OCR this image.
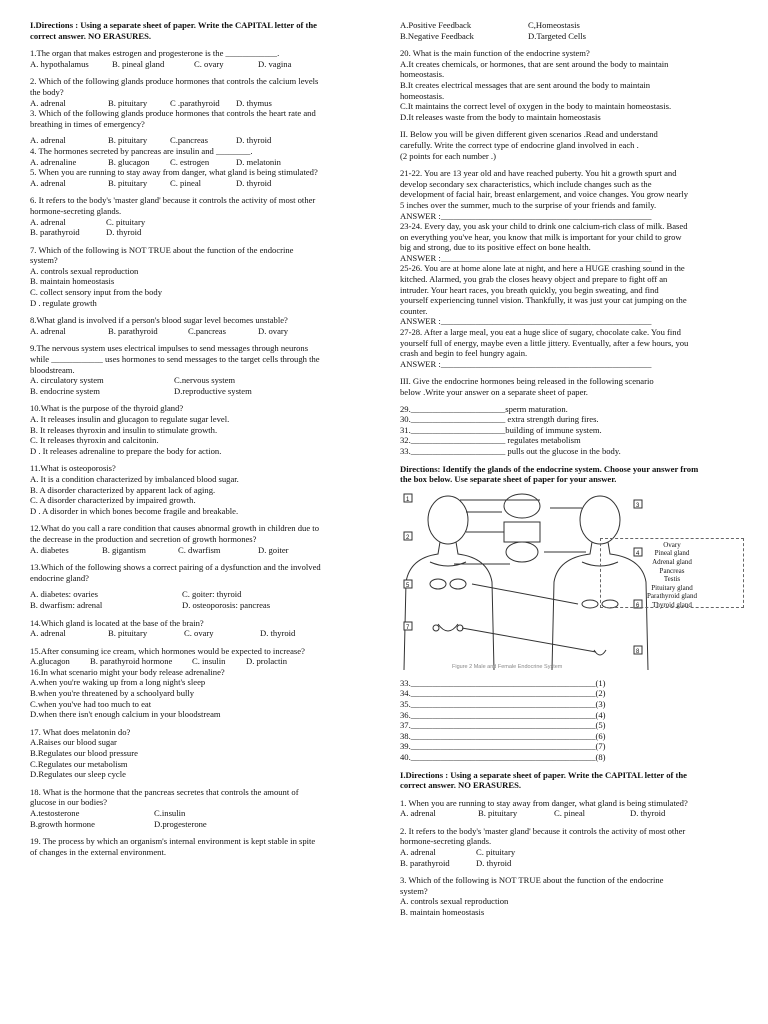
I.Directions : Using a separate sheet of paper. Write the CAPITAL letter of the
correct answer. NO ERASURES.
1.The organ that makes estrogen and progesterone is the ____________.
A. hypothalamus	B. pineal gland	C. ovary	D. vagina
2. Which of the following glands produce hormones that controls the calcium levels
the body?
A. adrenal	B. pituitary	C .parathyroid	D. thymus
3. Which of the following glands produce hormones that controls the heart rate and
breathing in times of emergency?
A. adrenal	B. pituitary	C.pancreas	D. thyroid
4. The hormones secreted by pancreas are insulin and ________.
A. adrenaline	B. glucagon	C. estrogen	D. melatonin
5. When you are running to stay away from danger, what gland is being stimulated?
A. adrenal	B. pituitary	C. pineal	D. thyroid
6. It refers to the body's 'master gland' because it controls the activity of most other
hormone-secreting glands.
A. adrenal	C. pituitary
B. parathyroid	D. thyroid
7. Which of the following is NOT TRUE about the function of the endocrine
system?
A. controls sexual reproduction
B. maintain homeostasis
C. collect sensory input from the body
D . regulate growth
8.What gland is involved if a person's blood sugar level becomes unstable?
A. adrenal	B. parathyroid	C.pancreas	D. ovary
9.The nervous system uses electrical impulses to send messages through neurons
while ____________ uses hormones to send messages to the target cells through the
bloodstream.
A. circulatory system	C.nervous system
B. endocrine system	D.reproductive system
10.What is the purpose of the thyroid gland?
A. It releases insulin and glucagon to regulate sugar level.
B. It releases thyroxin and insulin to stimulate growth.
C. It releases thyroxin and calcitonin.
D . It releases adrenaline to prepare the body for action.
11.What is osteoporosis?
A. It is a condition characterized by imbalanced blood sugar.
B. A disorder characterized by apparent lack of aging.
C. A disorder characterized by impaired growth.
D . A disorder in which bones become fragile and breakable.
12.What do you call a rare condition that causes abnormal growth in children due to
the decrease in the production and secretion of growth hormones?
A. diabetes	B. gigantism	C. dwarfism	D. goiter
13.Which of the following shows a correct pairing of a dysfunction and the involved
endocrine gland?
A. diabetes: ovaries	C. goiter: thyroid
B. dwarfism: adrenal	D. osteoporosis: pancreas
14.Which gland is located at the base of the brain?
A. adrenal	B. pituitary	C. ovary	D. thyroid
15.After consuming ice cream, which hormones would be expected to increase?
A.glucagon	B. parathyroid hormone	C. insulin	D. prolactin
16.In what scenario might your body release adrenaline?
A.when you're waking up from a long night's sleep
B.when you're threatened by a schoolyard bully
C.when you've had too much to eat
D.when there isn't enough calcium in your bloodstream
17. What does melatonin do?
A.Raises our blood sugar
B.Regulates our blood pressure
C.Regulates our metabolism
D.Regulates our sleep cycle
18. What is the hormone that the pancreas secretes that controls the amount of
glucose in our bodies?
A.testosterone	C.insulin
B.growth hormone	D.progesterone
19. The process by which an organism's internal environment is kept stable in spite
of changes in the external environment.
A.Positive Feedback	C,Homeostasis
B.Negative Feedback	D.Targeted Cells
20. What is the main function of the endocrine system?
A.It creates chemicals, or hormones, that are sent around the body to maintain
homeostasis.
B.It creates electrical messages that are sent around the body to maintain
homeostasis.
C.It maintains the correct level of oxygen in the body to maintain homeostasis.
D.It releases waste from the body to maintain homeostasis
II. Below you will be given different given scenarios .Read and understand
carefully. Write the correct type of endocrine gland involved in each .
(2 points for each number .)
21-22. You are 13 year old and have reached puberty. You hit a growth spurt and
develop secondary sex characteristics, which include changes such as the
development of facial hair, breast enlargement, and voice changes. You grow nearly
5 inches over the summer, much to the surprise of your friends and family.
ANSWER :_________________________________________________
23-24. Every day, you ask your child to drink one calcium-rich class of milk. Based
on everything you've hear, you know that milk is important for your child to grow
big and strong, due to its positive effect on bone health.
ANSWER :_________________________________________________
25-26. You are at home alone late at night, and here a HUGE crashing sound in the
kitched. Alarmed, you grab the closes heavy object and prepare to fight off an
intruder. Your heart races, you breath quickly, you begin sweating, and find
yourself experiencing tunnel vision. Thankfully, it was just your cat jumping on the
counter.
ANSWER :_________________________________________________
27-28. After a large meal, you eat a huge slice of sugary, chocolate cake. You find
yourself full of energy, maybe even a little jittery. Eventually, after a few hours, you
crash and begin to feel hungry again.
ANSWER :_________________________________________________
III. Give the endocrine hormones being released in the following scenario
below .Write your answer on a separate sheet of paper.
29.______________________sperm maturation.
30.______________________ extra strength during fires.
31.______________________building of immune system.
32.______________________ regulates metabolism
33.______________________ pulls out the glucose in the body.
Directions: Identify the glands of the endocrine system. Choose your answer from
the box below. Use separate sheet of paper for your answer.
1
2
3
4
5
6
7
8
Figure 2 Male and Female Endocrine System
Ovary
Pineal gland
Adrenal gland
Pancreas
Testis
Pituitary gland
Parathyroid gland
Thyroid gland
33.___________________________________________(1)
34.___________________________________________(2)
35.___________________________________________(3)
36.___________________________________________(4)
37.___________________________________________(5)
38.___________________________________________(6)
39.___________________________________________(7)
40.___________________________________________(8)
I.Directions : Using a separate sheet of paper. Write the CAPITAL letter of the
correct answer. NO ERASURES.
1. When you are running to stay away from danger, what gland is being stimulated?
A. adrenal	B. pituitary	C. pineal	D. thyroid
2. It refers to the body's 'master gland' because it controls the activity of most other
hormone-secreting glands.
A. adrenal	C. pituitary
B. parathyroid	D. thyroid
3. Which of the following is NOT TRUE about the function of the endocrine
system?
A. controls sexual reproduction
B. maintain homeostasis
